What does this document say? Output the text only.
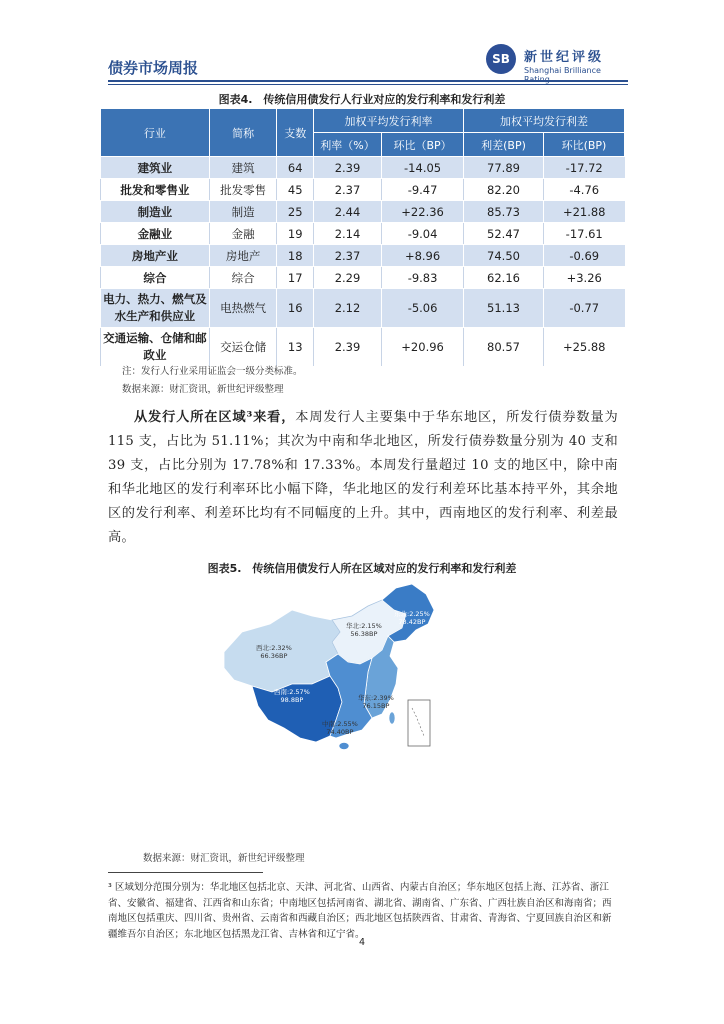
债券市场周报	SB	新世纪评级
Shanghai Brilliance
图表4.　传统信用债发行人行业对应的发行利率和发行利差
行业	简称	支数	加权平均发行利率		加权平均发行利差	
			利率（%）	环比（BP）	利差(BP)	环比(BP)
建筑业	建筑	64	2.39	-14.05	77.89	-17.72
批发和零售业	批发零售	45	2.37	-9.47	82.20	-4.76
制造业	制造	25	2.44	+22.36	85.73	+21.88
金融业	金融	19	2.14	-9.04	52.47	-17.61
房地产业	房地产	18	2.37	+8.96	74.50	-0.69
综合	综合	17	2.29	-9.83	62.16	+3.26
电力、热力、燃气及水生产和供应业	电热燃气	16	2.12	-5.06	51.13	-0.77
交通运输、仓储和邮政业	交运仓储	13	2.39	+20.96	80.57	+25.88
注：发行人行业采用证监会一级分类标准。
数据来源：财汇资讯，新世纪评级整理
从发行人所在区域³来看，本周发行人主要集中于华东地区，所发行债券数量为 115 支，占比为 51.11%；其次为中南和华北地区，所发行债券数量分别为 40 支和 39 支，占比分别为 17.78%和 17.33%。本周发行量超过 10 支的地区中，除中南和华北地区的发行利率环比小幅下降，华北地区的发行利差环比基本持平外，其余地区的发行利率、利差环比均有不同幅度的上升。其中，西南地区的发行利率、利差最高。
图表5.　传统信用债发行人所在区域对应的发行利率和发行利差
东北:2.25%
78.42BP
华北:2.15%
56.38BP
西北:2.32%
66.36BP
西南:2.57%
98.8BP	华东:2.39%
76.15BP
中南:2.55%
74.40BP
数据来源：财汇资讯，新世纪评级整理
³ 区域划分范围分别为：华北地区包括北京、天津、河北省、山西省、内蒙古自治区；华东地区包括上海、江苏省、浙江省、安徽省、福建省、江西省和山东省；中南地区包括河南省、湖北省、湖南省、广东省、广西壮族自治区和海南省；西南地区包括重庆、四川省、贵州省、云南省和西藏自治区；西北地区包括陕西省、甘肃省、青海省、宁夏回族自治区和新疆维吾尔自治区；东北地区包括黑龙江省、吉林省和辽宁省。
4
